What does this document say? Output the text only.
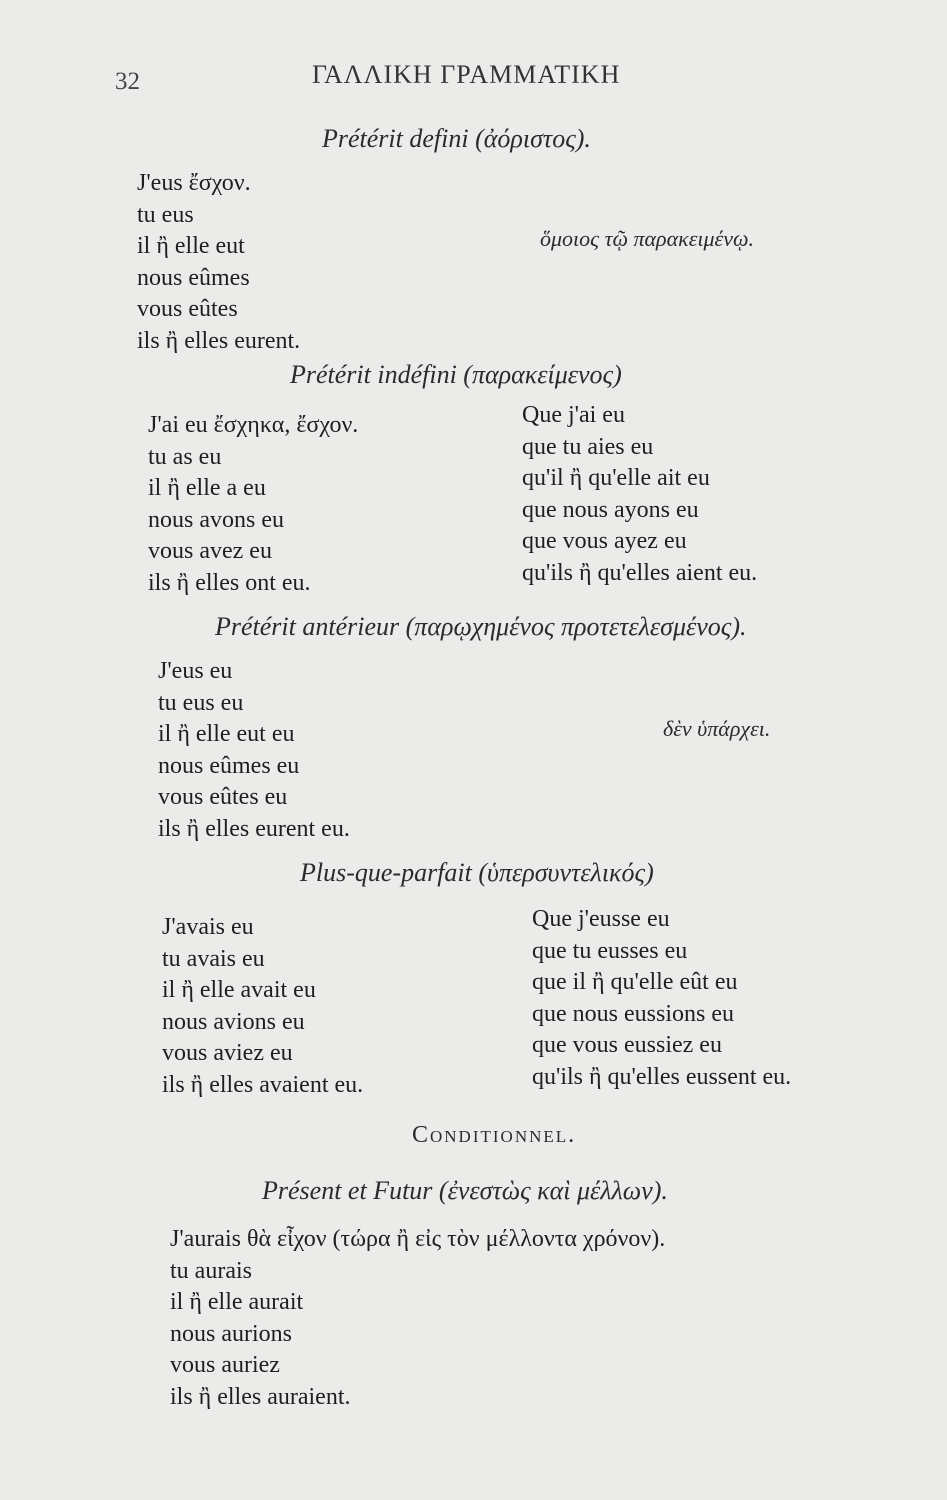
32	ΓΑΛΛΙΚΗ ΓΡΑΜΜΑΤΙΚΗ
Prétérit defini (ἀόριστος).
J'eus ἔσχον.
tu eus
il ἢ elle eut
nous eûmes
vous eûtes
ils ἢ elles eurent.
ὅμοιος τῷ παρακειμένῳ.
Prétérit indéfini (παρακείμενος)
J'ai eu ἔσχηκα, ἔσχον.
tu as eu
il ἢ elle a eu
nous avons eu
vous avez eu
ils ἢ elles ont eu.
Que j'ai eu
que tu aies eu
qu'il ἢ qu'elle ait eu
que nous ayons eu
que vous ayez eu
qu'ils ἢ qu'elles aient eu.
Prétérit antérieur (παρῳχημένος προτετελεσμένος).
J'eus eu
tu eus eu
il ἢ elle eut eu
nous eûmes eu
vous eûtes eu
ils ἢ elles eurent eu.
δὲν ὑπάρχει.
Plus-que-parfait (ὑπερσυντελικός)
J'avais eu
tu avais eu
il ἢ elle avait eu
nous avions eu
vous aviez eu
ils ἢ elles avaient eu.
Que j'eusse eu
que tu eusses eu
que il ἢ qu'elle eût eu
que nous eussions eu
que vous eussiez eu
qu'ils ἢ qu'elles eussent eu.
Conditionnel.
Présent et Futur (ἐνεστὼς καὶ μέλλων).
J'aurais θὰ εἶχον (τώρα ἢ εἰς τὸν μέλλοντα χρόνον).
tu aurais
il ἢ elle aurait
nous aurions
vous auriez
ils ἢ elles auraient.
